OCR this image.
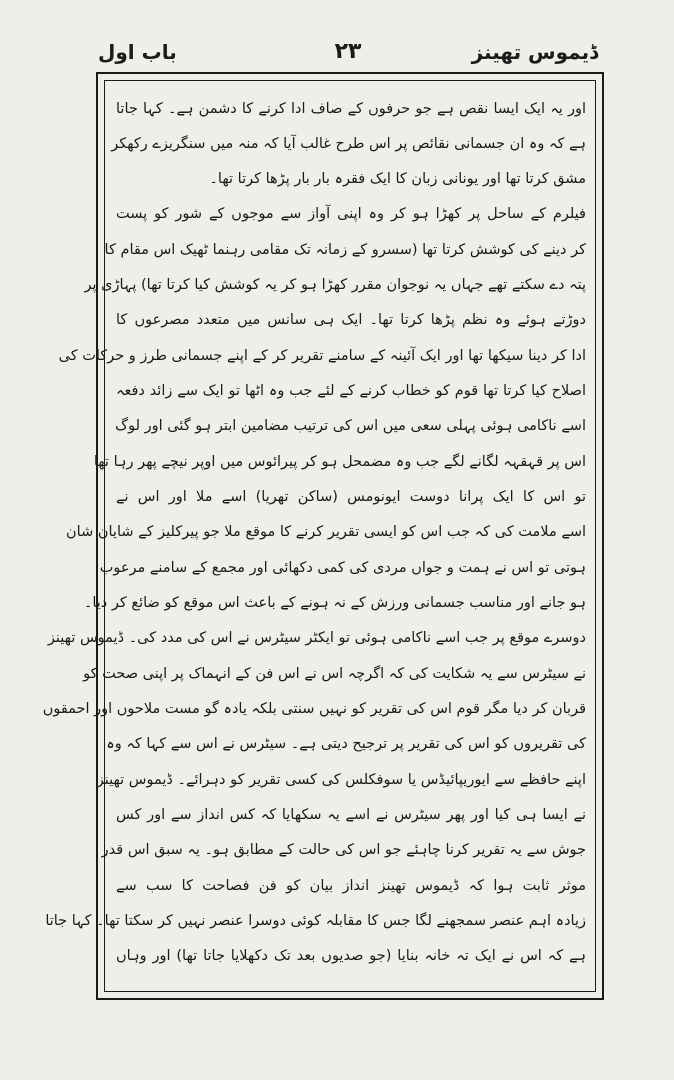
ڈیموس تھینز
۲۳
باب اول
اور یہ ایک ایسا نقص ہے جو حرفوں کے صاف ادا کرنے کا دشمن ہے۔ کہا جاتا
ہے کہ وہ ان جسمانی نقائص پر اس طرح غالب آیا کہ منہ میں سنگریزے رکھکر
مشق کرتا تھا اور یونانی زبان کا ایک فقرہ بار بار پڑھا کرتا تھا۔
فیلرم کے ساحل پر کھڑا ہو کر وہ اپنی آواز سے موجوں کے شور کو پست
کر دینے کی کوشش کرتا تھا (سسرو کے زمانہ تک مقامی رہنما ٹھیک اس مقام کا
پتہ دے سکتے تھے جہاں یہ نوجوان مقرر کھڑا ہو کر یہ کوشش کیا کرتا تھا) پہاڑی پر
دوڑتے ہوئے وہ نظم پڑھا کرتا تھا۔ ایک ہی سانس میں متعدد مصرعوں کا
ادا کر دینا سیکھا تھا اور ایک آئینہ کے سامنے تقریر کر کے اپنے جسمانی طرز و حرکات کی
اصلاح کیا کرتا تھا قوم کو خطاب کرنے کے لئے جب وہ اٹھا تو ایک سے زائد دفعہ
اسے ناکامی ہوئی پہلی سعی میں اس کی ترتیب مضامین ابتر ہو گئی اور لوگ
اس پر قہقہہ لگانے لگے جب وہ مضمحل ہو کر پیرائوس میں اوپر نیچے پھر رہا تھا
تو اس کا ایک پرانا دوست ایونومس (ساکن تھریا) اسے ملا اور اس نے
اسے ملامت کی کہ جب اس کو ایسی تقریر کرنے کا موقع ملا جو پیرکلیز کے شایان شان
ہوتی تو اس نے ہمت و جواں مردی کی کمی دکھائی اور مجمع کے سامنے مرعوب
ہو جانے اور مناسب جسمانی ورزش کے نہ ہونے کے باعث اس موقع کو ضائع کر دیا۔
دوسرے موقع پر جب اسے ناکامی ہوئی تو ایکٹر سیٹرس نے اس کی مدد کی۔ ڈیموس تھینز
نے سیٹرس سے یہ شکایت کی کہ اگرچہ اس نے اس فن کے انہماک پر اپنی صحت کو
قربان کر دیا مگر قوم اس کی تقریر کو نہیں سنتی بلکہ یادہ گو مست ملاحوں اور احمقوں
کی تقریروں کو اس کی تقریر پر ترجیح دیتی ہے۔ سیٹرس نے اس سے کہا کہ وہ
اپنے حافظے سے ایوریپائیڈس یا سوفکلس کی کسی تقریر کو دہرائے۔ ڈیموس تھینز
نے ایسا ہی کیا اور پھر سیٹرس نے اسے یہ سکھایا کہ کس انداز سے اور کس
جوش سے یہ تقریر کرنا چاہئے جو اس کی حالت کے مطابق ہو۔ یہ سبق اس قدر
موثر ثابت ہوا کہ ڈیموس تھینز انداز بیان کو فن فصاحت کا سب سے
زیادہ اہم عنصر سمجھنے لگا جس کا مقابلہ کوئی دوسرا عنصر نہیں کر سکتا تھا۔ کہا جاتا
ہے کہ اس نے ایک تہ خانہ بنایا (جو صدیوں بعد تک دکھلایا جاتا تھا) اور وہاں
